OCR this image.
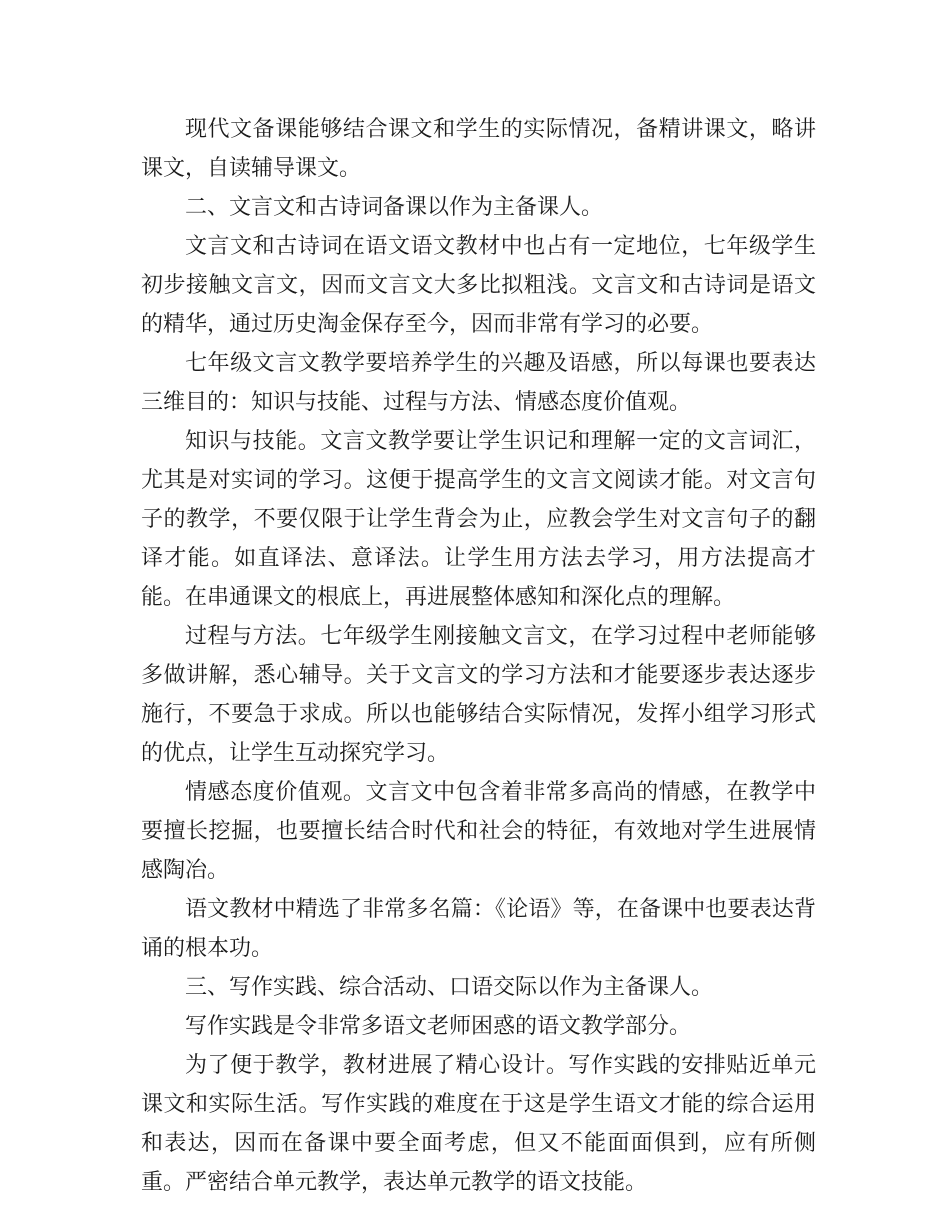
现代文备课能够结合课文和学生的实际情况，备精讲课文，略讲课文，自读辅导课文。

二、文言文和古诗词备课以作为主备课人。

文言文和古诗词在语文语文教材中也占有一定地位，七年级学生初步接触文言文，因而文言文大多比拟粗浅。文言文和古诗词是语文的精华，通过历史淘金保存至今，因而非常有学习的必要。

七年级文言文教学要培养学生的兴趣及语感，所以每课也要表达三维目的：知识与技能、过程与方法、情感态度价值观。

知识与技能。文言文教学要让学生识记和理解一定的文言词汇，尤其是对实词的学习。这便于提高学生的文言文阅读才能。对文言句子的教学，不要仅限于让学生背会为止，应教会学生对文言句子的翻译才能。如直译法、意译法。让学生用方法去学习，用方法提高才能。在串通课文的根底上，再进展整体感知和深化点的理解。

过程与方法。七年级学生刚接触文言文，在学习过程中老师能够多做讲解，悉心辅导。关于文言文的学习方法和才能要逐步表达逐步施行，不要急于求成。所以也能够结合实际情况，发挥小组学习形式的优点，让学生互动探究学习。

情感态度价值观。文言文中包含着非常多高尚的情感，在教学中要擅长挖掘，也要擅长结合时代和社会的特征，有效地对学生进展情感陶冶。

语文教材中精选了非常多名篇：《论语》等，在备课中也要表达背诵的根本功。

三、写作实践、综合活动、口语交际以作为主备课人。

写作实践是令非常多语文老师困惑的语文教学部分。

为了便于教学，教材进展了精心设计。写作实践的安排贴近单元课文和实际生活。写作实践的难度在于这是学生语文才能的综合运用和表达，因而在备课中要全面考虑，但又不能面面俱到，应有所侧重。严密结合单元教学，表达单元教学的语文技能。
